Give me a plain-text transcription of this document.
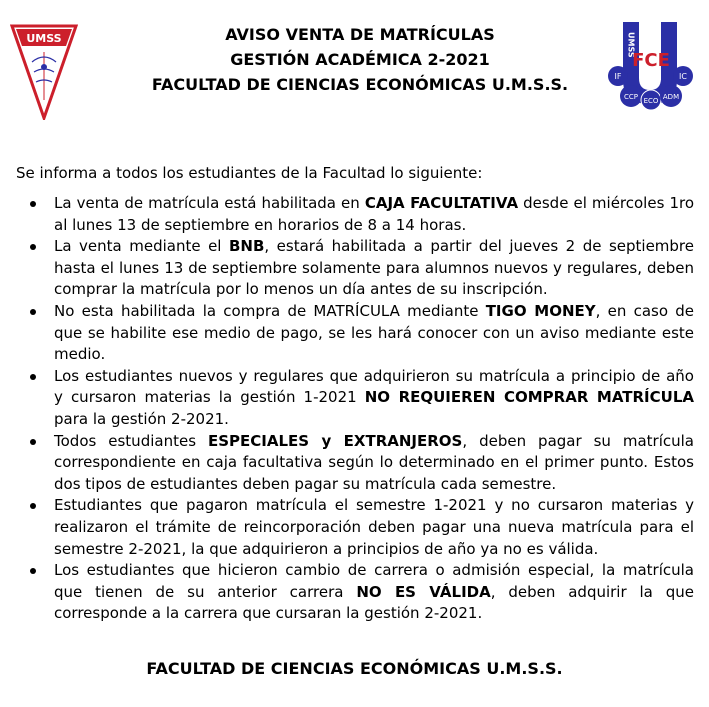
UMSS	AVISO VENTA DE MATRÍCULAS
GESTIÓN ACADÉMICA 2-2021
FACULTAD DE CIENCIAS ECONÓMICAS U.M.S.S.
UMSS
FCE
IF	IC
CCP ECO ADM
Se informa a todos los estudiantes de la Facultad lo siguiente:
La venta de matrícula está habilitada en CAJA FACULTATIVA desde el miércoles 1ro al lunes 13 de septiembre en horarios de 8 a 14 horas.
La venta mediante el BNB, estará habilitada a partir del jueves 2 de septiembre hasta el lunes 13 de septiembre solamente para alumnos nuevos y regulares, deben comprar la matrícula por lo menos un día antes de su inscripción.
No esta habilitada la compra de MATRÍCULA mediante TIGO MONEY, en caso de que se habilite ese medio de pago, se les hará conocer con un aviso mediante este medio.
Los estudiantes nuevos y regulares que adquirieron su matrícula a principio de año y cursaron materias la gestión 1-2021 NO REQUIEREN COMPRAR MATRÍCULA para la gestión 2-2021.
Todos estudiantes ESPECIALES y EXTRANJEROS, deben pagar su matrícula correspondiente en caja facultativa según lo determinado en el primer punto. Estos dos tipos de estudiantes deben pagar su matrícula cada semestre.
Estudiantes que pagaron matrícula el semestre 1-2021 y no cursaron materias y realizaron el trámite de reincorporación deben pagar una nueva matrícula para el semestre 2-2021, la que adquirieron a principios de año ya no es válida.
Los estudiantes que hicieron cambio de carrera o admisión especial, la matrícula que tienen de su anterior carrera NO ES VÁLIDA, deben adquirir la que corresponde a la carrera que cursaran la gestión 2-2021.
FACULTAD DE CIENCIAS ECONÓMICAS U.M.S.S.
